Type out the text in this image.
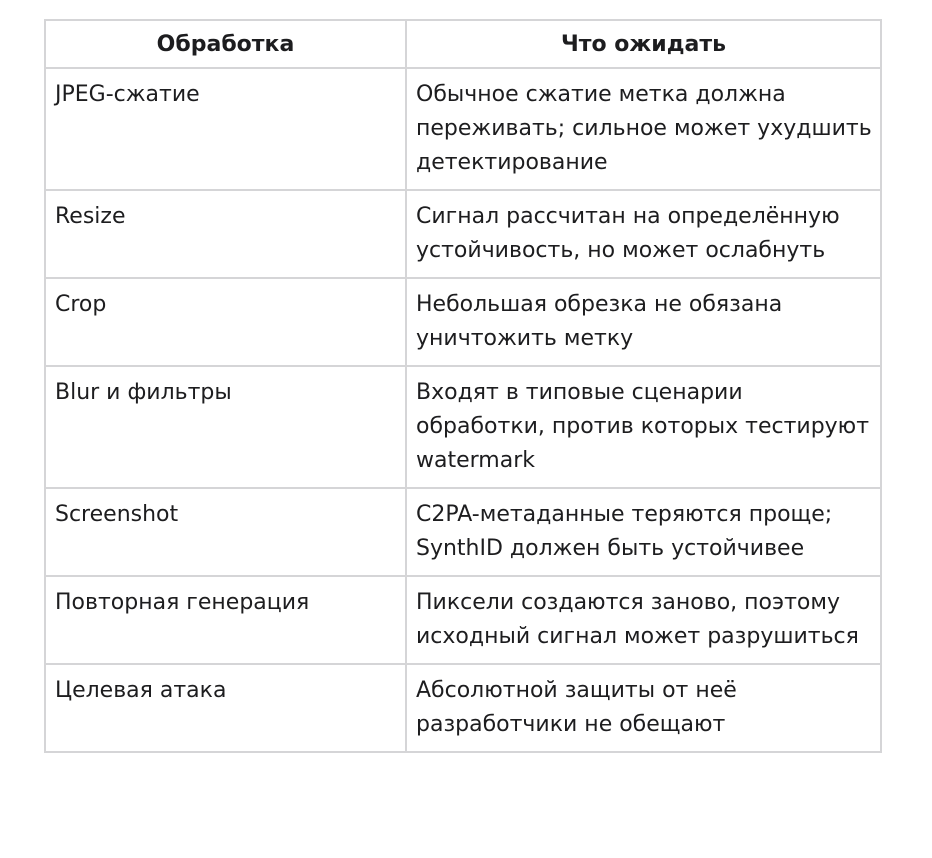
Обработка	Что ожидать
JPEG-сжатие	Обычное сжатие метка должна переживать; сильное может ухудшить детектирование
Resize	Сигнал рассчитан на определённую устойчивость, но может ослабнуть
Crop	Небольшая обрезка не обязана уничтожить метку
Blur и фильтры	Входят в типовые сценарии обработки, против которых тестируют watermark
Screenshot	C2PA-метаданные теряются проще; SynthID должен быть устойчивее
Повторная генерация	Пиксели создаются заново, поэтому исходный сигнал может разрушиться
Целевая атака	Абсолютной защиты от неё разработчики не обещают
